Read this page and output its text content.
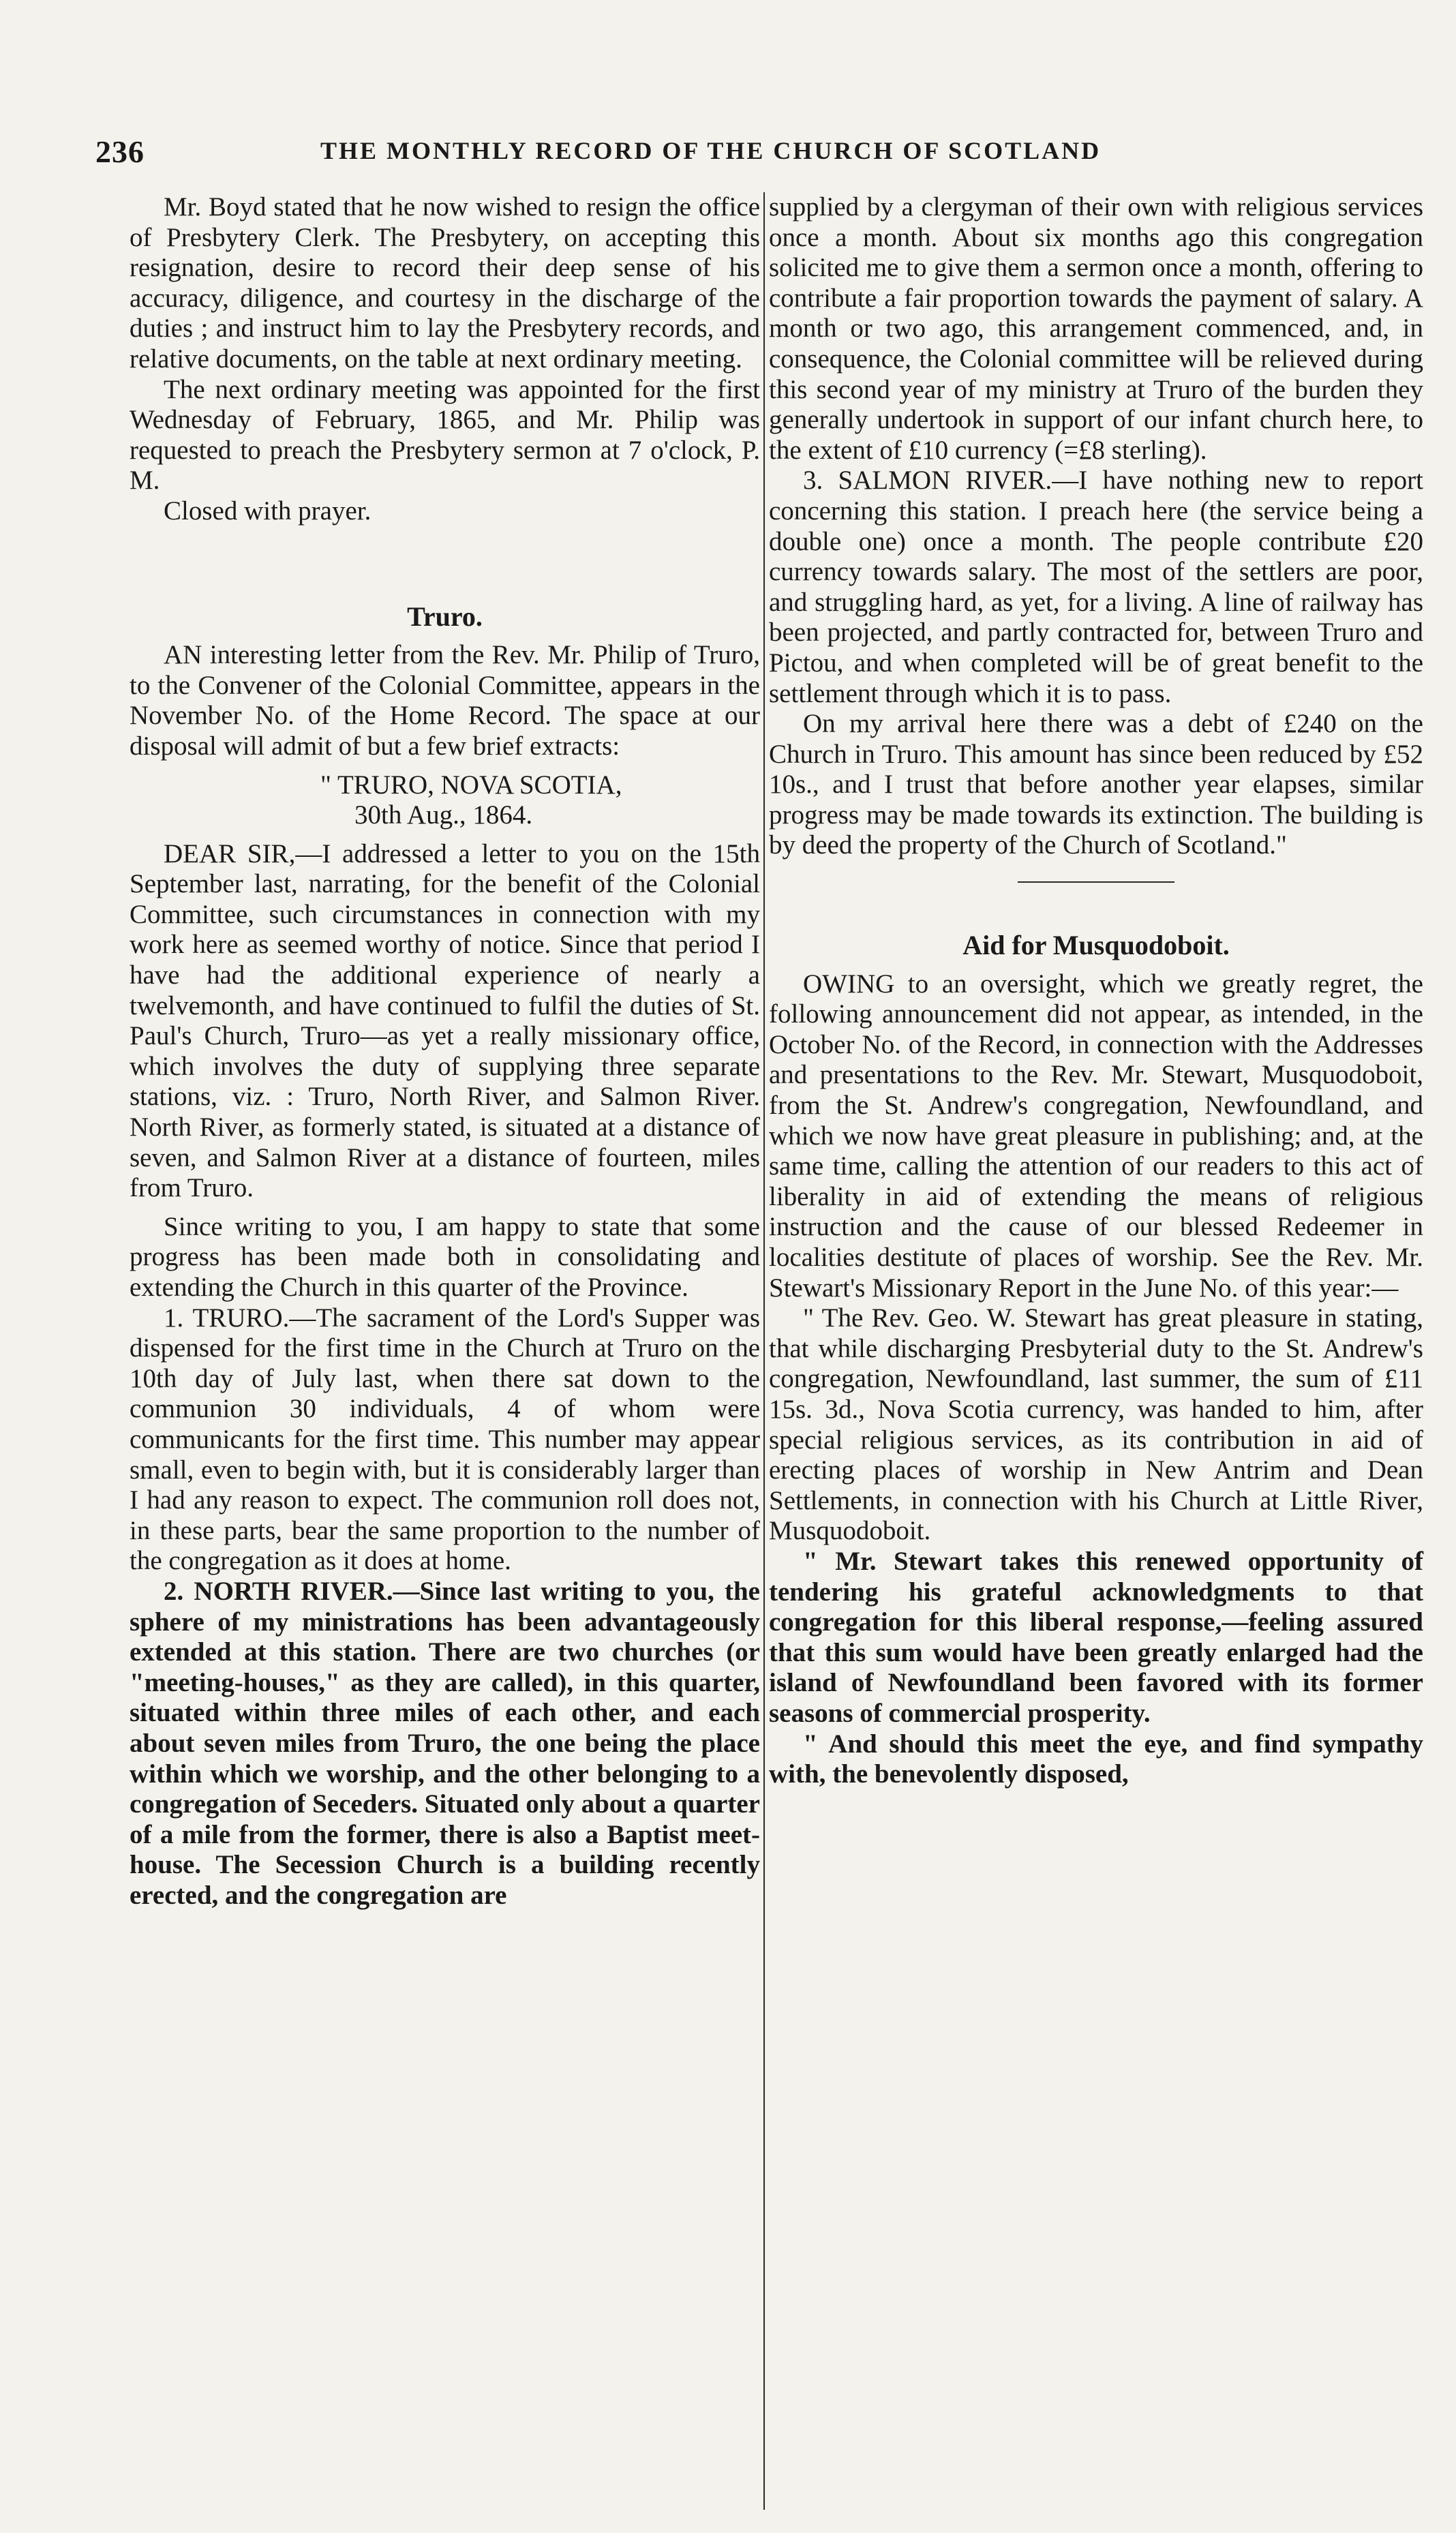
236	THE MONTHLY RECORD OF THE CHURCH OF SCOTLAND

Mr. Boyd stated that he now wished to resign the office of Presbytery Clerk. The Presbytery, on accepting this resignation, desire to record their deep sense of his accuracy, diligence, and courtesy in the discharge of the duties ; and instruct him to lay the Presbytery records, and relative documents, on the table at next ordinary meeting.

The next ordinary meeting was appointed for the first Wednesday of February, 1865, and Mr. Philip was requested to preach the Presbytery sermon at 7 o'clock, P. M.

Closed with prayer.

Truro.

AN interesting letter from the Rev. Mr. Philip of Truro, to the Convener of the Colonial Committee, appears in the November No. of the Home Record. The space at our disposal will admit of but a few brief extracts:

" TRURO, NOVA SCOTIA,

30th Aug., 1864.

DEAR SIR,—I addressed a letter to you on the 15th September last, narrating, for the benefit of the Colonial Committee, such circumstances in connection with my work here as seemed worthy of notice. Since that period I have had the additional experience of nearly a twelvemonth, and have continued to fulfil the duties of St. Paul's Church, Truro—as yet a really missionary office, which involves the duty of supplying three separate stations, viz. : Truro, North River, and Salmon River. North River, as formerly stated, is situated at a distance of seven, and Salmon River at a distance of fourteen, miles from Truro.

Since writing to you, I am happy to state that some progress has been made both in consolidating and extending the Church in this quarter of the Province.

1. TRURO.—The sacrament of the Lord's Supper was dispensed for the first time in the Church at Truro on the 10th day of July last, when there sat down to the communion 30 individuals, 4 of whom were communicants for the first time. This number may appear small, even to begin with, but it is considerably larger than I had any reason to expect. The communion roll does not, in these parts, bear the same proportion to the number of the congregation as it does at home.

2. NORTH RIVER.—Since last writing to you, the sphere of my ministrations has been advantageously extended at this station. There are two churches (or "meeting-houses," as they are called), in this quarter, situated within three miles of each other, and each about seven miles from Truro, the one being the place within which we worship, and the other belonging to a congregation of Seceders. Situated only about a quarter of a mile from the former, there is also a Baptist meet-house. The Secession Church is a building recently erected, and the congregation are

supplied by a clergyman of their own with religious services once a month. About six months ago this congregation solicited me to give them a sermon once a month, offering to contribute a fair proportion towards the payment of salary. A month or two ago, this arrangement commenced, and, in consequence, the Colonial committee will be relieved during this second year of my ministry at Truro of the burden they generally undertook in support of our infant church here, to the extent of £10 currency (=£8 sterling).

3. SALMON RIVER.—I have nothing new to report concerning this station. I preach here (the service being a double one) once a month. The people contribute £20 currency towards salary. The most of the settlers are poor, and struggling hard, as yet, for a living. A line of railway has been projected, and partly contracted for, between Truro and Pictou, and when completed will be of great benefit to the settlement through which it is to pass.

On my arrival here there was a debt of £240 on the Church in Truro. This amount has since been reduced by £52 10s., and I trust that before another year elapses, similar progress may be made towards its extinction. The building is by deed the property of the Church of Scotland."

Aid for Musquodoboit.

OWING to an oversight, which we greatly regret, the following announcement did not appear, as intended, in the October No. of the Record, in connection with the Addresses and presentations to the Rev. Mr. Stewart, Musquodoboit, from the St. Andrew's congregation, Newfoundland, and which we now have great pleasure in publishing; and, at the same time, calling the attention of our readers to this act of liberality in aid of extending the means of religious instruction and the cause of our blessed Redeemer in localities destitute of places of worship. See the Rev. Mr. Stewart's Missionary Report in the June No. of this year:—

" The Rev. Geo. W. Stewart has great pleasure in stating, that while discharging Presbyterial duty to the St. Andrew's congregation, Newfoundland, last summer, the sum of £11 15s. 3d., Nova Scotia currency, was handed to him, after special religious services, as its contribution in aid of erecting places of worship in New Antrim and Dean Settlements, in connection with his Church at Little River, Musquodoboit.

" Mr. Stewart takes this renewed opportunity of tendering his grateful acknowledgments to that congregation for this liberal response,—feeling assured that this sum would have been greatly enlarged had the island of Newfoundland been favored with its former seasons of commercial prosperity.

" And should this meet the eye, and find sympathy with, the benevolently disposed,
